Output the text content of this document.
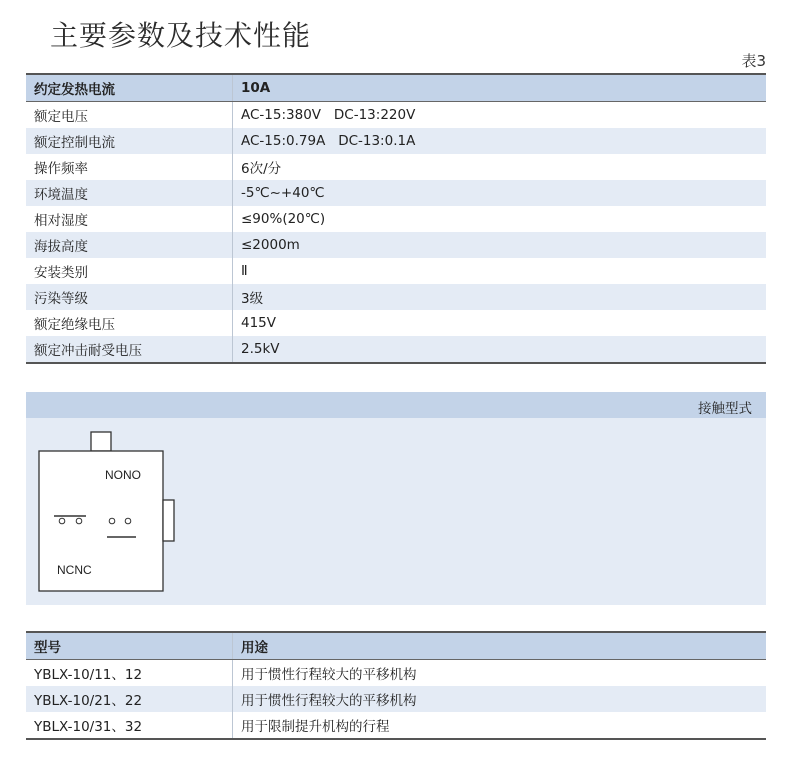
主要参数及技术性能
表3
约定发热电流	10A
额定电压	AC-15:380V   DC-13:220V
额定控制电流	AC-15:0.79A   DC-13:0.1A
操作频率	6次/分
环境温度	-5℃~+40℃
相对湿度	≤90%(20℃)
海拔高度	≤2000m
安装类别	Ⅱ
污染等级	3级
额定绝缘电压	415V
额定冲击耐受电压	2.5kV
接触型式
NONO
NCNC
型号	用途
YBLX-10/11、12	用于惯性行程较大的平移机构
YBLX-10/21、22	用于惯性行程较大的平移机构
YBLX-10/31、32	用于限制提升机构的行程
